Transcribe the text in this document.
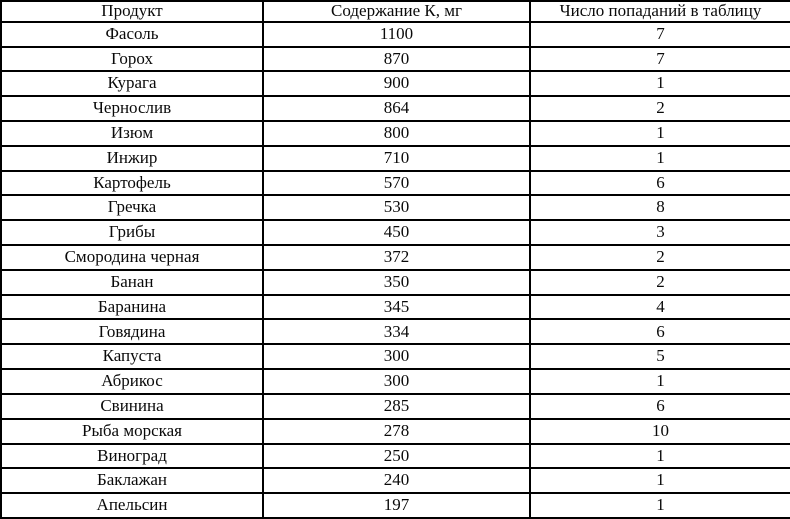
Продукт	Содержание К, мг	Число попаданий в таблицу
Фасоль	1100	7
Горох	870	7
Курага	900	1
Чернослив	864	2
Изюм	800	1
Инжир	710	1
Картофель	570	6
Гречка	530	8
Грибы	450	3
Смородина черная	372	2
Банан	350	2
Баранина	345	4
Говядина	334	6
Капуста	300	5
Абрикос	300	1
Свинина	285	6
Рыба морская	278	10
Виноград	250	1
Баклажан	240	1
Апельсин	197	1
